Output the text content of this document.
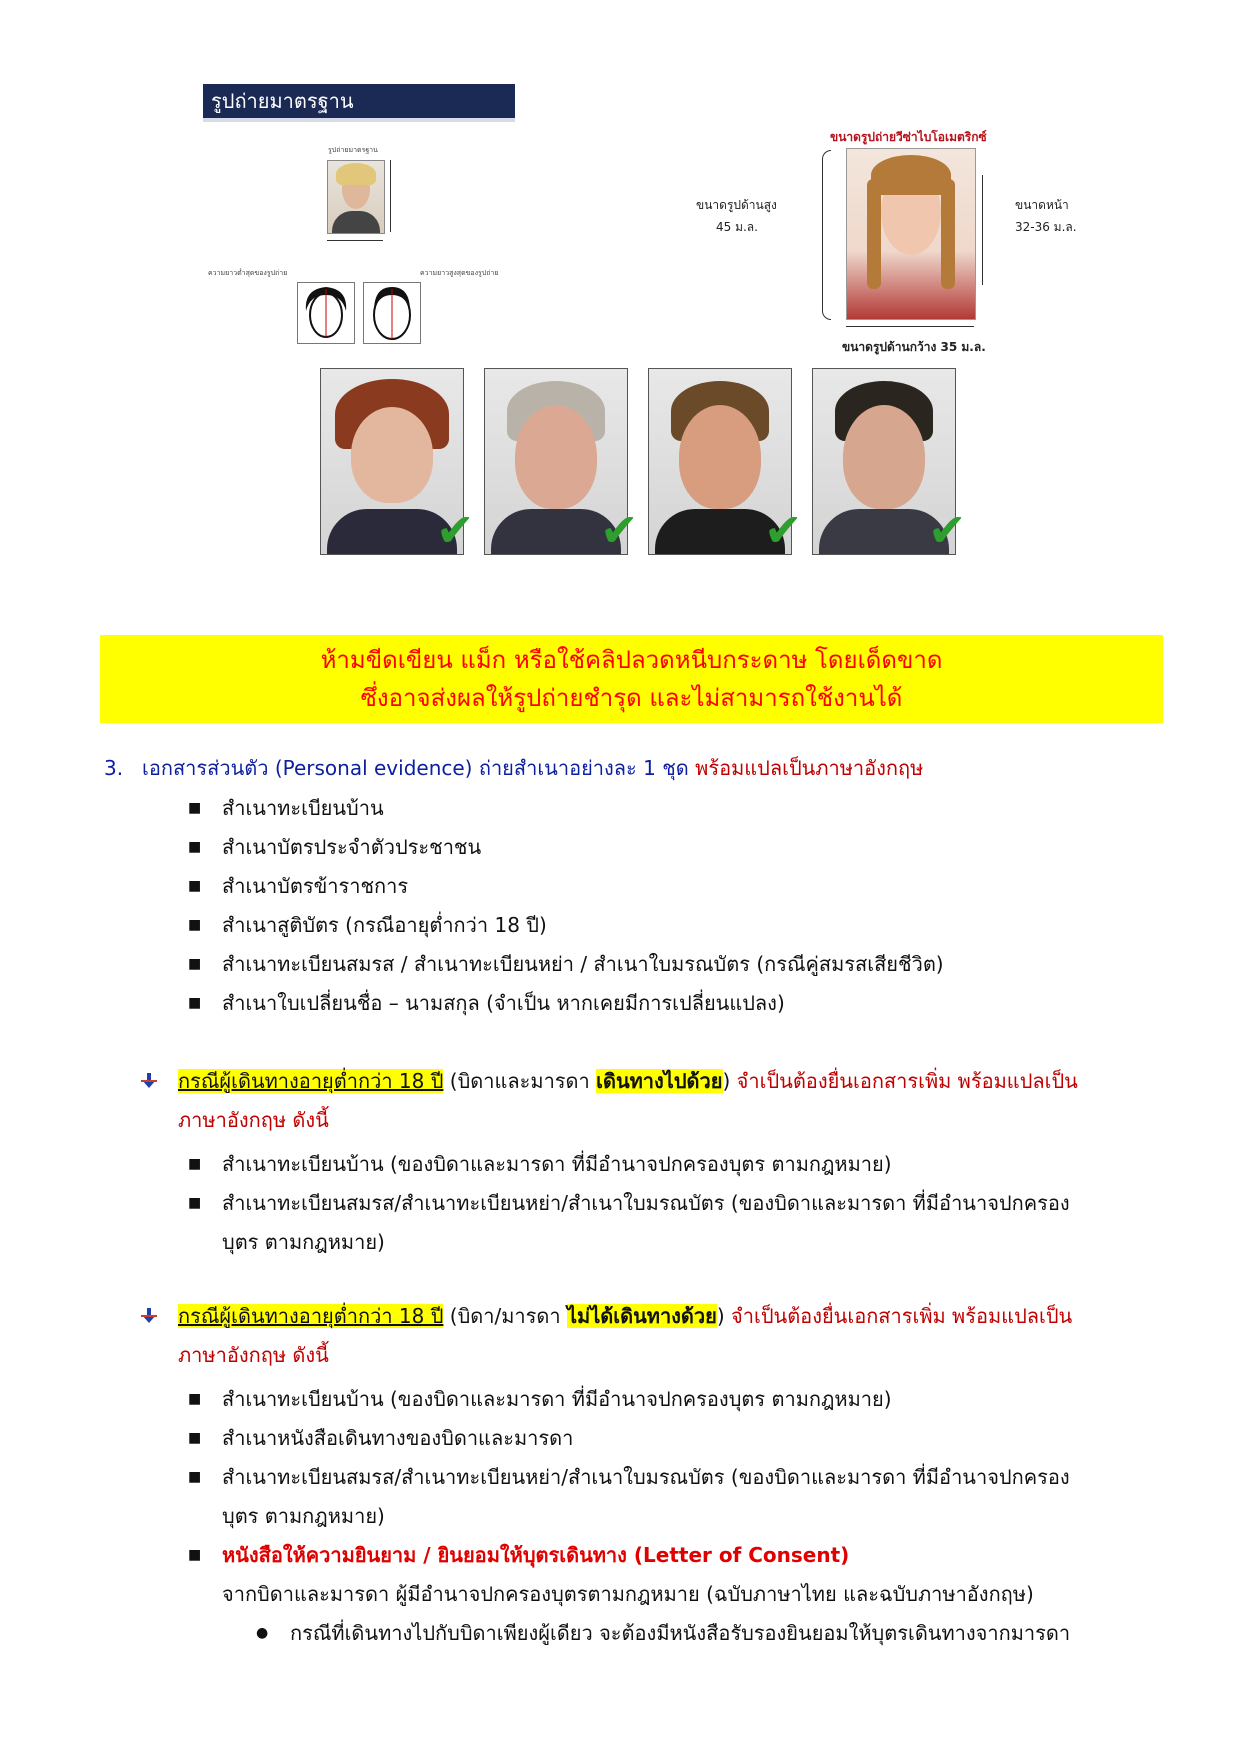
รูปถ่ายมาตรฐาน
รูปถ่ายมาตรฐาน
ความยาวต่ำสุดของรูปถ่าย	ความยาวสูงสุดของรูปถ่าย
ขนาดรูปถ่ายวีซ่าไบโอเมตริกซ์
ขนาดรูปด้านสูง
45 ม.ล.
ขนาดหน้า
32-36 ม.ล.
ขนาดรูปด้านกว้าง 35 ม.ล.
✔	✔	✔	✔
ห้ามขีดเขียน แม็ก หรือใช้คลิปลวดหนีบกระดาษ โดยเด็ดขาด
ซึ่งอาจส่งผลให้รูปถ่ายชำรุด และไม่สามารถใช้งานได้
3. เอกสารส่วนตัว (Personal evidence) ถ่ายสำเนาอย่างละ 1 ชุด พร้อมแปลเป็นภาษาอังกฤษ
■ สำเนาทะเบียนบ้าน
■ สำเนาบัตรประจำตัวประชาชน
■ สำเนาบัตรข้าราชการ
■ สำเนาสูติบัตร (กรณีอายุต่ำกว่า 18 ปี)
■ สำเนาทะเบียนสมรส / สำเนาทะเบียนหย่า / สำเนาใบมรณบัตร (กรณีคู่สมรสเสียชีวิต)
■ สำเนาใบเปลี่ยนชื่อ – นามสกุล (จำเป็น หากเคยมีการเปลี่ยนแปลง)
กรณีผู้เดินทางอายุต่ำกว่า 18 ปี (บิดาและมารดา เดินทางไปด้วย) จำเป็นต้องยื่นเอกสารเพิ่ม พร้อมแปลเป็น
ภาษาอังกฤษ ดังนี้
■ สำเนาทะเบียนบ้าน (ของบิดาและมารดา ที่มีอำนาจปกครองบุตร ตามกฎหมาย)
■ สำเนาทะเบียนสมรส/สำเนาทะเบียนหย่า/สำเนาใบมรณบัตร (ของบิดาและมารดา ที่มีอำนาจปกครอง
บุตร ตามกฎหมาย)
กรณีผู้เดินทางอายุต่ำกว่า 18 ปี (บิดา/มารดา ไม่ได้เดินทางด้วย) จำเป็นต้องยื่นเอกสารเพิ่ม พร้อมแปลเป็น
ภาษาอังกฤษ ดังนี้
■ สำเนาทะเบียนบ้าน (ของบิดาและมารดา ที่มีอำนาจปกครองบุตร ตามกฎหมาย)
■ สำเนาหนังสือเดินทางของบิดาและมารดา
■ สำเนาทะเบียนสมรส/สำเนาทะเบียนหย่า/สำเนาใบมรณบัตร (ของบิดาและมารดา ที่มีอำนาจปกครอง
บุตร ตามกฎหมาย)
■ หนังสือให้ความยินยาม / ยินยอมให้บุตรเดินทาง (Letter of Consent)
จากบิดาและมารดา ผู้มีอำนาจปกครองบุตรตามกฎหมาย (ฉบับภาษาไทย และฉบับภาษาอังกฤษ)
● กรณีที่เดินทางไปกับบิดาเพียงผู้เดียว จะต้องมีหนังสือรับรองยินยอมให้บุตรเดินทางจากมารดา
